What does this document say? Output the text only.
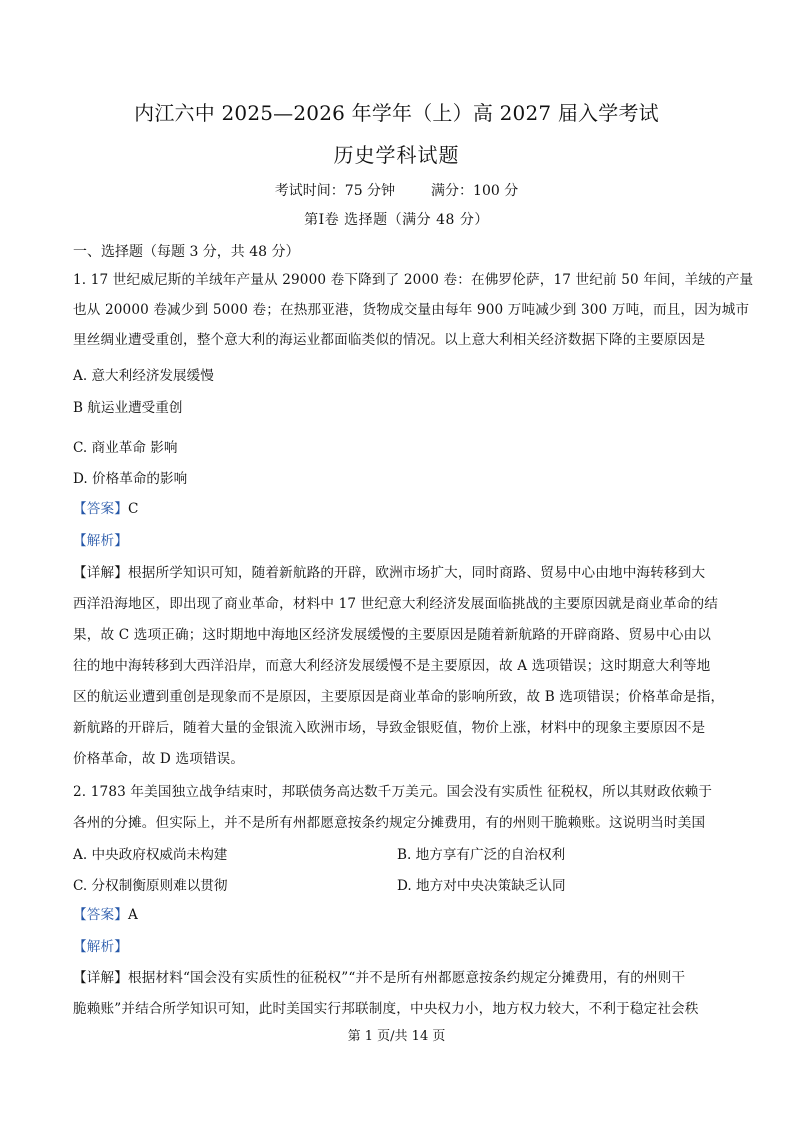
内江六中 2025—2026 年学年（上）高 2027 届入学考试
历史学科试题
考试时间：75 分钟	满分：100 分
第Ⅰ卷 选择题（满分 48 分）
一、选择题（每题 3 分，共 48 分）
1. 17 世纪威尼斯的羊绒年产量从 29000 卷下降到了 2000 卷：在佛罗伦萨，17 世纪前 50 年间，羊绒的产量
也从 20000 卷减少到 5000 卷；在热那亚港，货物成交量由每年 900 万吨减少到 300 万吨，而且，因为城市
里丝绸业遭受重创，整个意大利的海运业都面临类似的情况。以上意大利相关经济数据下降的主要原因是
A. 意大利经济发展缓慢
B 航运业遭受重创
C. 商业革命 影响
D. 价格革命的影响
【答案】C
【解析】
【详解】根据所学知识可知，随着新航路的开辟，欧洲市场扩大，同时商路、贸易中心由地中海转移到大
西洋沿海地区，即出现了商业革命，材料中 17 世纪意大利经济发展面临挑战的主要原因就是商业革命的结
果，故 C 选项正确；这时期地中海地区经济发展缓慢的主要原因是随着新航路的开辟商路、贸易中心由以
往的地中海转移到大西洋沿岸，而意大利经济发展缓慢不是主要原因，故 A 选项错误；这时期意大利等地
区的航运业遭到重创是现象而不是原因，主要原因是商业革命的影响所致，故 B 选项错误；价格革命是指，
新航路的开辟后，随着大量的金银流入欧洲市场，导致金银贬值，物价上涨，材料中的现象主要原因不是
价格革命，故 D 选项错误。
2. 1783 年美国独立战争结束时，邦联债务高达数千万美元。国会没有实质性 征税权，所以其财政依赖于
各州的分摊。但实际上，并不是所有州都愿意按条约规定分摊费用，有的州则干脆赖账。这说明当时美国
A. 中央政府权威尚未构建	B. 地方享有广泛的自治权利
C. 分权制衡原则难以贯彻	D. 地方对中央决策缺乏认同
【答案】A
【解析】
【详解】根据材料“国会没有实质性的征税权”“并不是所有州都愿意按条约规定分摊费用，有的州则干
脆赖账”并结合所学知识可知，此时美国实行邦联制度，中央权力小，地方权力较大，不利于稳定社会秩
第 1 页/共 14 页
